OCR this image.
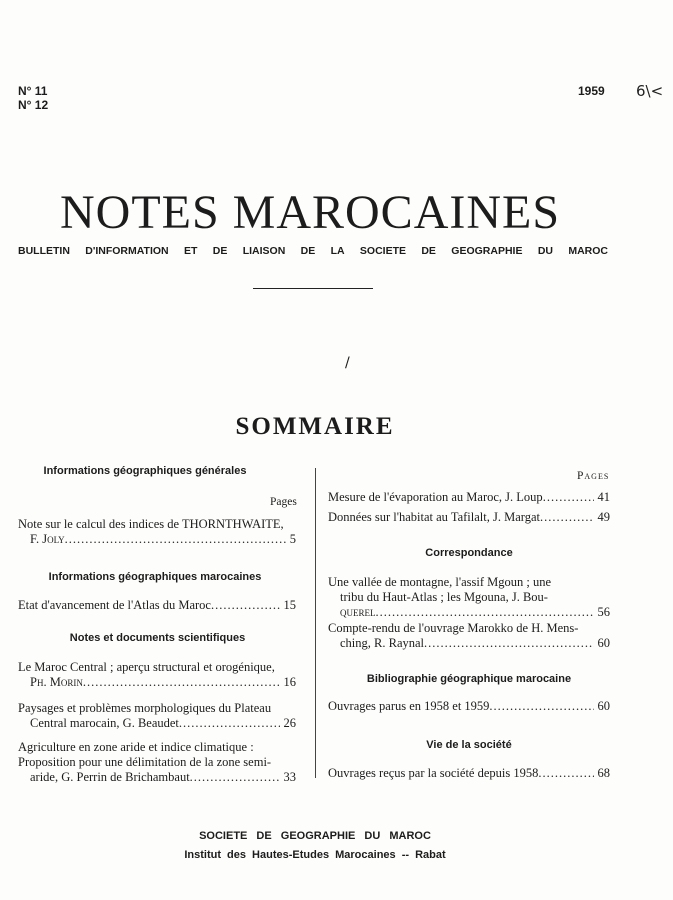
N° 11
N° 12
1959 6\<
NOTES MAROCAINES
BULLETIN D'INFORMATION ET DE LIAISON DE LA SOCIETE DE GEOGRAPHIE DU MAROC
/
SOMMAIRE
Informations géographiques générales
Pages
Note sur le calcul des indices de THORNTHWAITE,
F. Joly .....	5
Informations géographiques marocaines
Etat d'avancement de l'Atlas du Maroc .....	15
Notes et documents scientifiques
Le Maroc Central ; aperçu structural et orogénique,
Ph. Morin .....	16
Paysages et problèmes morphologiques du Plateau
Central marocain, G. Beaudet .....	26
Agriculture en zone aride et indice climatique :
Proposition pour une délimitation de la zone semi-
aride, G. Perrin de Brichambaut .....	33
Pages
Mesure de l'évaporation au Maroc, J. Loup .....	41
Données sur l'habitat au Tafilalt, J. Margat .....	49
Correspondance
Une vallée de montagne, l'assif Mgoun ; une
tribu du Haut-Atlas ; les Mgouna, J. Bou-
querel .....	56
Compte-rendu de l'ouvrage Marokko de H. Mens-
ching, R. Raynal .....	60
Bibliographie géographique marocaine
Ouvrages parus en 1958 et 1959 .....	60
Vie de la société
Ouvrages reçus par la société depuis 1958 .....	68
SOCIETE DE GEOGRAPHIE DU MAROC
Institut des Hautes-Etudes Marocaines -- Rabat
